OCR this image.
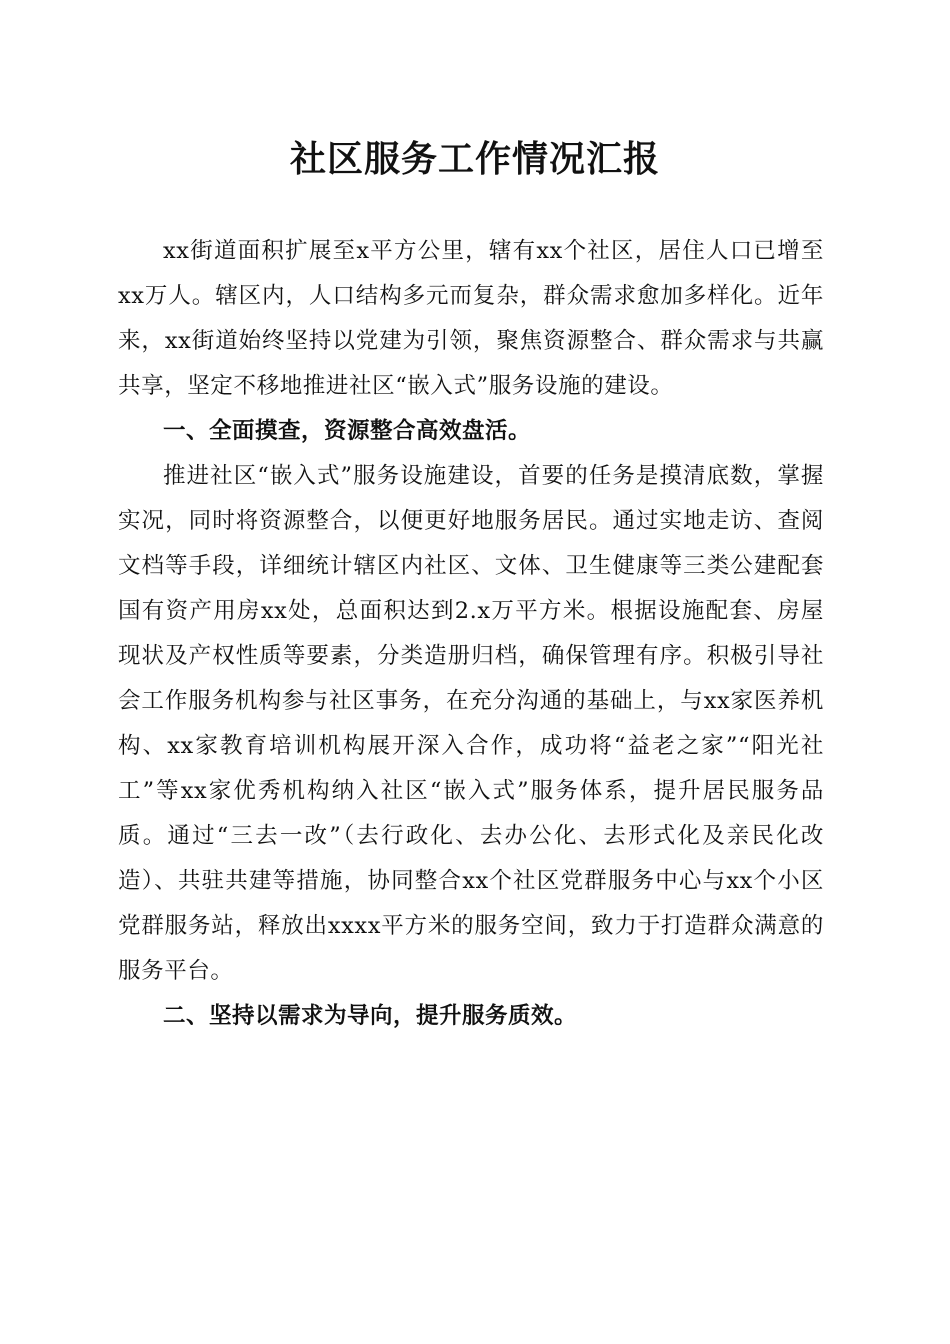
社区服务工作情况汇报

xx街道面积扩展至x平方公里，辖有xx个社区，居住人口已增至xx万人。辖区内，人口结构多元而复杂，群众需求愈加多样化。近年来，xx街道始终坚持以党建为引领，聚焦资源整合、群众需求与共赢共享，坚定不移地推进社区“嵌入式”服务设施的建设。

一、全面摸查，资源整合高效盘活。

推进社区“嵌入式”服务设施建设，首要的任务是摸清底数，掌握实况，同时将资源整合，以便更好地服务居民。通过实地走访、查阅文档等手段，详细统计辖区内社区、文体、卫生健康等三类公建配套国有资产用房xx处，总面积达到2.x万平方米。根据设施配套、房屋现状及产权性质等要素，分类造册归档，确保管理有序。积极引导社会工作服务机构参与社区事务，在充分沟通的基础上，与xx家医养机构、xx家教育培训机构展开深入合作，成功将“益老之家”“阳光社工”等xx家优秀机构纳入社区“嵌入式”服务体系，提升居民服务品质。通过“三去一改”（去行政化、去办公化、去形式化及亲民化改造）、共驻共建等措施，协同整合xx个社区党群服务中心与xx个小区党群服务站，释放出xxxx平方米的服务空间，致力于打造群众满意的服务平台。

二、坚持以需求为导向，提升服务质效。
